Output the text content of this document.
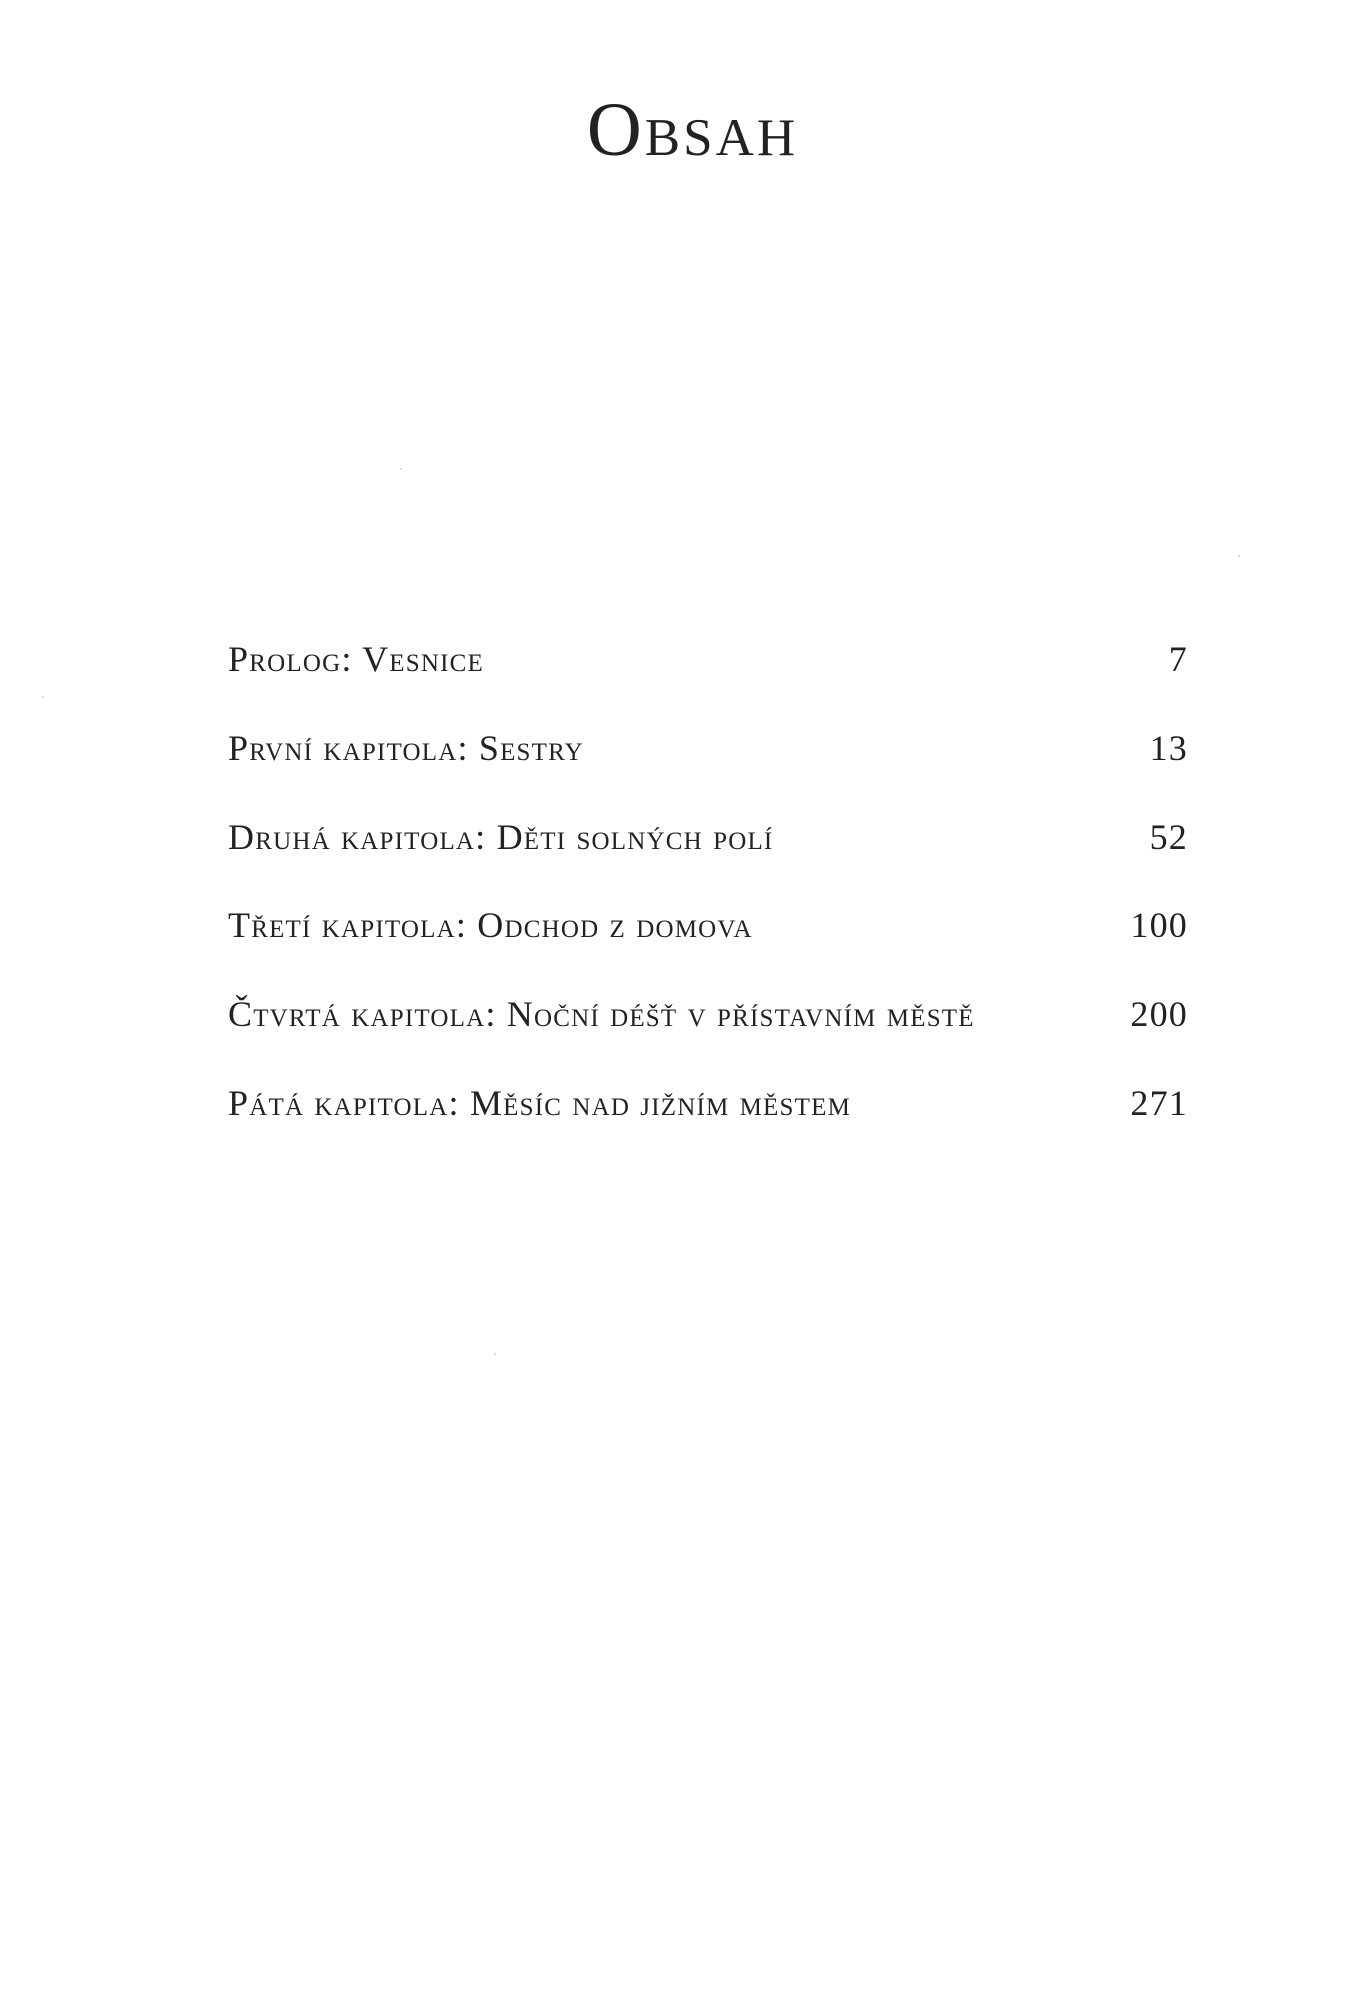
Obsah
Prolog: Vesnice	7
První kapitola: Sestry	13
Druhá kapitola: Děti solných polí	52
Třetí kapitola: Odchod z domova	100
Čtvrtá kapitola: Noční déšť v přístavním městě	200
Pátá kapitola: Měsíc nad jižním městem	271
